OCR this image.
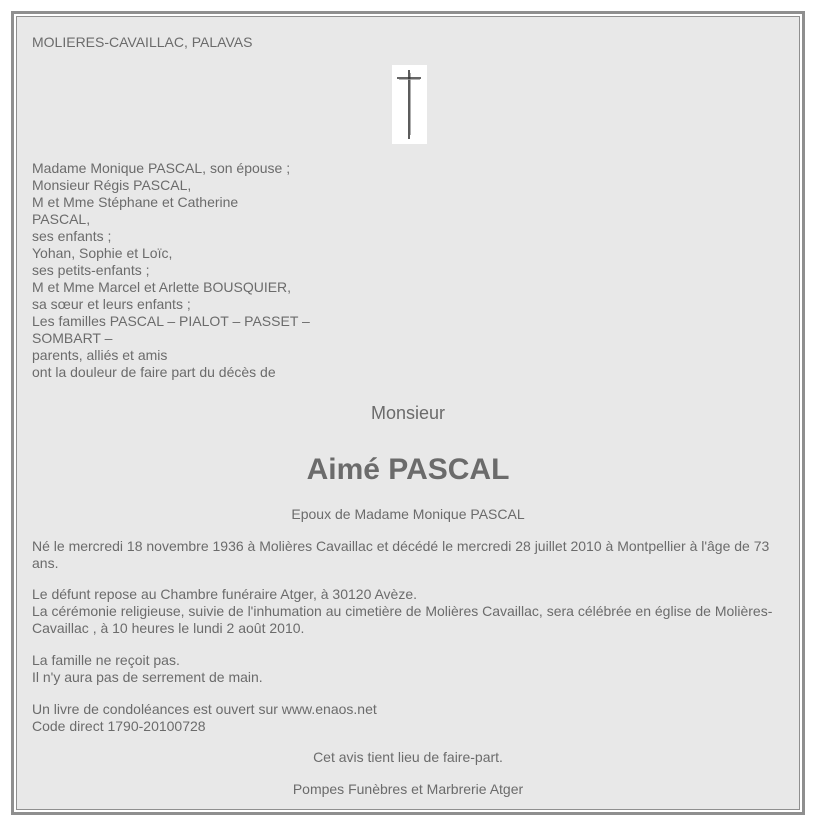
MOLIERES-CAVAILLAC, PALAVAS
Madame Monique PASCAL, son épouse ;
Monsieur Régis PASCAL,
M et Mme Stéphane et Catherine
PASCAL,
ses enfants ;
Yohan, Sophie et Loïc,
ses petits-enfants ;
M et Mme Marcel et Arlette BOUSQUIER,
sa sœur et leurs enfants ;
Les familles PASCAL – PIALOT – PASSET –
SOMBART –
parents, alliés et amis
ont la douleur de faire part du décès de
Monsieur
Aimé PASCAL
Epoux de Madame Monique PASCAL
Né le mercredi 18 novembre 1936 à Molières Cavaillac et décédé le mercredi 28 juillet 2010 à Montpellier à l'âge de 73 ans.
Le défunt repose au Chambre funéraire Atger, à 30120 Avèze.
La cérémonie religieuse, suivie de l'inhumation au cimetière de Molières Cavaillac, sera célébrée en église de Molières-Cavaillac , à 10 heures le lundi 2 août 2010.
La famille ne reçoit pas.
Il n'y aura pas de serrement de main.
Un livre de condoléances est ouvert sur www.enaos.net
Code direct 1790-20100728
Cet avis tient lieu de faire-part.
Pompes Funèbres et Marbrerie Atger
